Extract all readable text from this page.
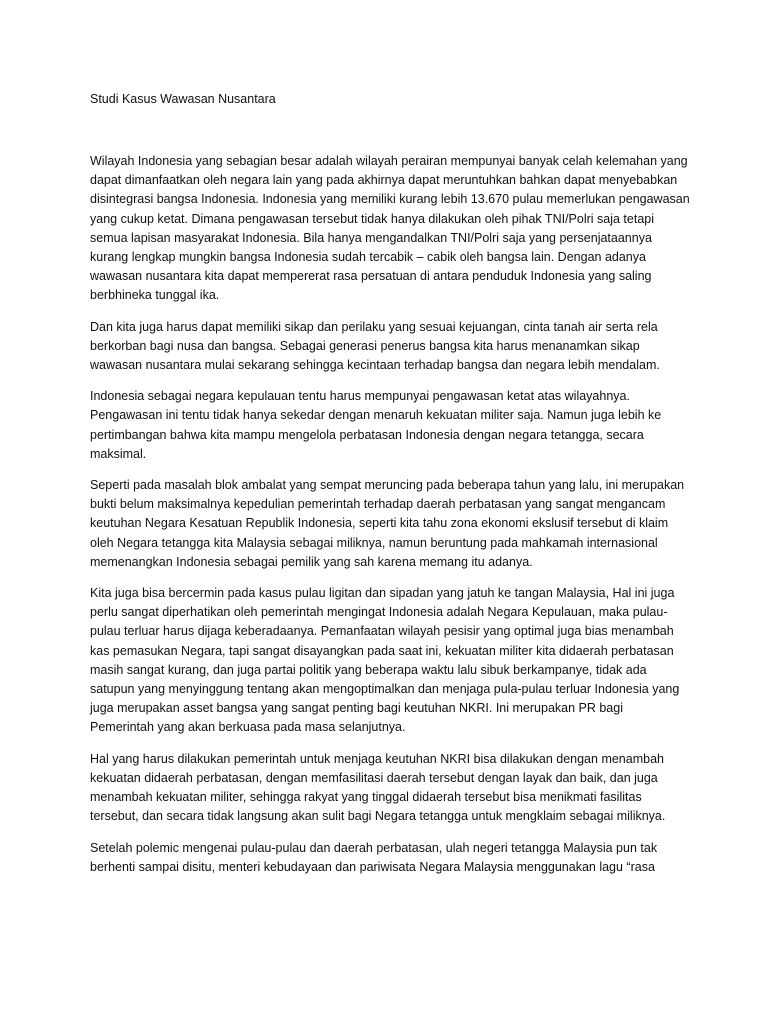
Studi Kasus Wawasan Nusantara

Wilayah Indonesia yang sebagian besar adalah wilayah perairan mempunyai banyak celah kelemahan yang dapat dimanfaatkan oleh negara lain yang pada akhirnya dapat meruntuhkan bahkan dapat menyebabkan disintegrasi bangsa Indonesia. Indonesia yang memiliki kurang lebih 13.670 pulau memerlukan pengawasan yang cukup ketat. Dimana pengawasan tersebut tidak hanya dilakukan oleh pihak TNI/Polri saja tetapi semua lapisan masyarakat Indonesia. Bila hanya mengandalkan TNI/Polri saja yang persenjataannya kurang lengkap mungkin bangsa Indonesia sudah tercabik – cabik oleh bangsa lain. Dengan adanya wawasan nusantara kita dapat mempererat rasa persatuan di antara penduduk Indonesia yang saling berbhineka tunggal ika.

Dan kita juga harus dapat memiliki sikap dan perilaku yang sesuai kejuangan, cinta tanah air serta rela berkorban bagi nusa dan bangsa. Sebagai generasi penerus bangsa kita harus menanamkan sikap wawasan nusantara mulai sekarang sehingga kecintaan terhadap bangsa dan negara lebih mendalam.

Indonesia sebagai negara kepulauan tentu harus mempunyai pengawasan ketat atas wilayahnya. Pengawasan ini tentu tidak hanya sekedar dengan menaruh kekuatan militer saja. Namun juga lebih ke pertimbangan bahwa kita mampu mengelola perbatasan Indonesia dengan negara tetangga, secara maksimal.

Seperti pada masalah blok ambalat yang sempat meruncing pada beberapa tahun yang lalu, ini merupakan bukti belum maksimalnya kepedulian pemerintah terhadap daerah perbatasan yang sangat mengancam keutuhan Negara Kesatuan Republik Indonesia, seperti kita tahu zona ekonomi ekslusif tersebut di klaim oleh Negara tetangga kita Malaysia sebagai miliknya, namun beruntung pada mahkamah internasional memenangkan Indonesia sebagai pemilik yang sah karena memang itu adanya.

Kita juga bisa bercermin pada kasus pulau ligitan dan sipadan yang jatuh ke tangan Malaysia, Hal ini juga perlu sangat diperhatikan oleh pemerintah mengingat Indonesia adalah Negara Kepulauan, maka pulau-pulau terluar harus dijaga keberadaanya. Pemanfaatan wilayah pesisir yang optimal juga bias menambah kas pemasukan Negara, tapi sangat disayangkan pada saat ini, kekuatan militer kita didaerah perbatasan masih sangat kurang, dan juga partai politik yang beberapa waktu lalu sibuk berkampanye, tidak ada satupun yang menyinggung tentang akan mengoptimalkan dan menjaga pula-pulau terluar Indonesia yang juga merupakan asset bangsa yang sangat penting bagi keutuhan NKRI. Ini merupakan PR bagi Pemerintah yang akan berkuasa pada masa selanjutnya.

Hal yang harus dilakukan pemerintah untuk menjaga keutuhan NKRI bisa dilakukan dengan menambah kekuatan didaerah perbatasan, dengan memfasilitasi daerah tersebut dengan layak dan baik, dan juga menambah kekuatan militer, sehingga rakyat yang tinggal didaerah tersebut bisa menikmati fasilitas tersebut, dan secara tidak langsung akan sulit bagi Negara tetangga untuk mengklaim sebagai miliknya.

Setelah polemic mengenai pulau-pulau dan daerah perbatasan, ulah negeri tetangga Malaysia pun tak berhenti sampai disitu, menteri kebudayaan dan pariwisata Negara Malaysia menggunakan lagu “rasa
